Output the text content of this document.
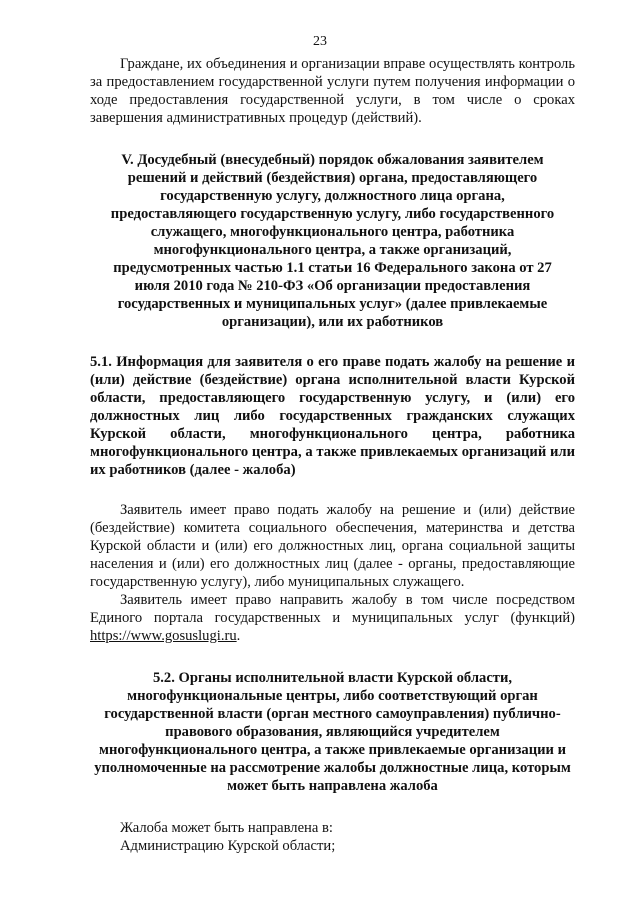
23

Граждане, их объединения и организации вправе осуществлять контроль за предоставлением государственной услуги путем получения информации о ходе предоставления государственной услуги, в том числе о сроках завершения административных процедур (действий).

V. Досудебный (внесудебный) порядок обжалования заявителем решений и действий (бездействия) органа, предоставляющего государственную услугу, должностного лица органа, предоставляющего государственную услугу, либо государственного служащего, многофункционального центра, работника многофункционального центра, а также организаций, предусмотренных частью 1.1 статьи 16 Федерального закона от 27 июля 2010 года № 210-ФЗ «Об организации предоставления государственных и муниципальных услуг» (далее привлекаемые организации), или их работников
5.1. Информация для заявителя о его праве подать жалобу на решение и (или) действие (бездействие) органа исполнительной власти Курской области, предоставляющего государственную услугу, и (или) его должностных лиц либо государственных гражданских служащих Курской области, многофункционального центра, работника многофункционального центра, а также привлекаемых организаций или их работников (далее - жалоба)

Заявитель имеет право подать жалобу на решение и (или) действие (бездействие) комитета социального обеспечения, материнства и детства Курской области и (или) его должностных лиц, органа социальной защиты населения и (или) его должностных лиц (далее - органы, предоставляющие государственную услугу), либо муниципальных служащего.

Заявитель имеет право направить жалобу в том числе посредством Единого портала государственных и муниципальных услуг (функций) https://www.gosuslugi.ru.

5.2. Органы исполнительной власти Курской области, многофункциональные центры, либо соответствующий орган государственной власти (орган местного самоуправления) публично-правового образования, являющийся учредителем многофункционального центра, а также привлекаемые организации и уполномоченные на рассмотрение жалобы должностные лица, которым может быть направлена жалоба

Жалоба может быть направлена в:

Администрацию Курской области;
